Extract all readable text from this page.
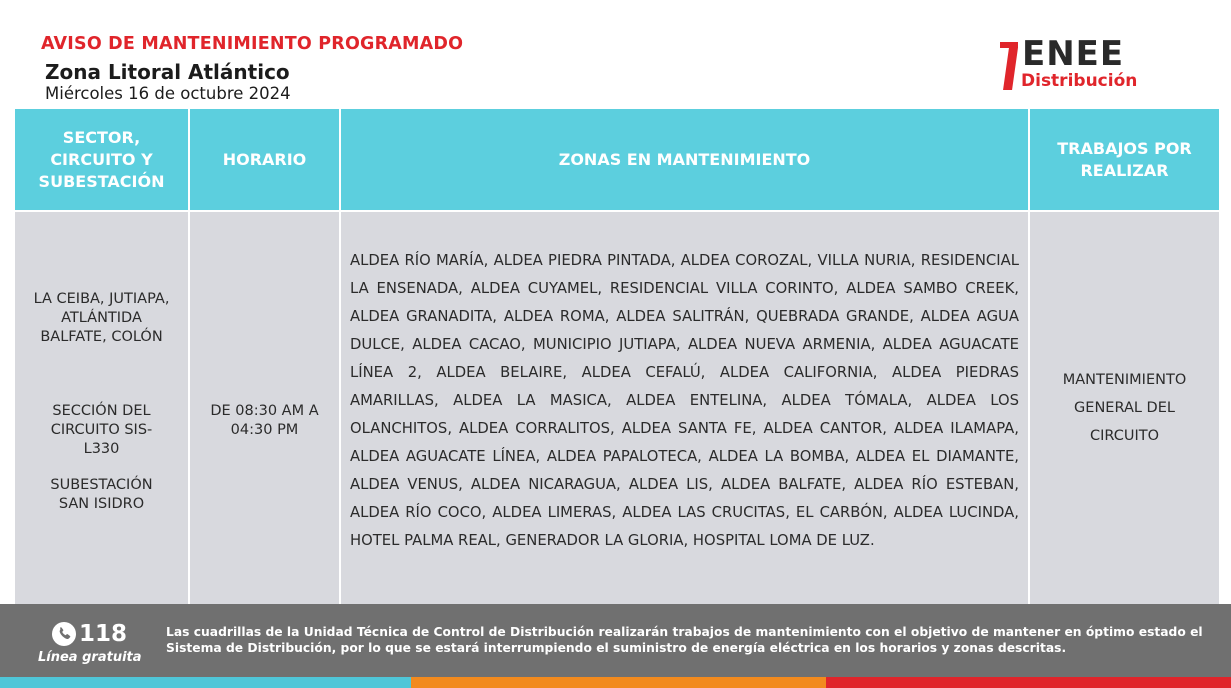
AVISO DE MANTENIMIENTO PROGRAMADO
Zona Litoral Atlántico
Miércoles 16 de octubre 2024
ENEE
Distribución
SECTOR, CIRCUITO Y SUBESTACIÓN
HORARIO	ZONAS EN MANTENIMIENTO
TRABAJOS POR REALIZAR
LA CEIBA, JUTIAPA, ATLÁNTIDA BALFATE, COLÓN
SECCIÓN DEL CIRCUITO SIS-L330
SUBESTACIÓN SAN ISIDRO
DE 08:30 AM A 04:30 PM
ALDEA RÍO MARÍA, ALDEA PIEDRA PINTADA, ALDEA COROZAL, VILLA NURIA, RESIDENCIAL LA ENSENADA, ALDEA CUYAMEL, RESIDENCIAL VILLA CORINTO, ALDEA SAMBO CREEK, ALDEA GRANADITA, ALDEA ROMA, ALDEA SALITRÁN, QUEBRADA GRANDE, ALDEA AGUA DULCE, ALDEA CACAO, MUNICIPIO JUTIAPA, ALDEA NUEVA ARMENIA, ALDEA AGUACATE LÍNEA 2, ALDEA BELAIRE, ALDEA CEFALÚ, ALDEA CALIFORNIA, ALDEA PIEDRAS AMARILLAS, ALDEA LA MASICA, ALDEA ENTELINA, ALDEA TÓMALA, ALDEA LOS OLANCHITOS, ALDEA CORRALITOS, ALDEA SANTA FE, ALDEA CANTOR, ALDEA ILAMAPA, ALDEA AGUACATE LÍNEA, ALDEA PAPALOTECA, ALDEA LA BOMBA, ALDEA EL DIAMANTE, ALDEA VENUS, ALDEA NICARAGUA, ALDEA LIS, ALDEA BALFATE, ALDEA RÍO ESTEBAN, ALDEA RÍO COCO, ALDEA LIMERAS, ALDEA LAS CRUCITAS, EL CARBÓN, ALDEA LUCINDA, HOTEL PALMA REAL, GENERADOR LA GLORIA, HOSPITAL LOMA DE LUZ.
MANTENIMIENTO GENERAL DEL CIRCUITO
118
Línea gratuita
Las cuadrillas de la Unidad Técnica de Control de Distribución realizarán trabajos de mantenimiento con el objetivo de mantener en óptimo estado el Sistema de Distribución, por lo que se estará interrumpiendo el suministro de energía eléctrica en los horarios y zonas descritas.
